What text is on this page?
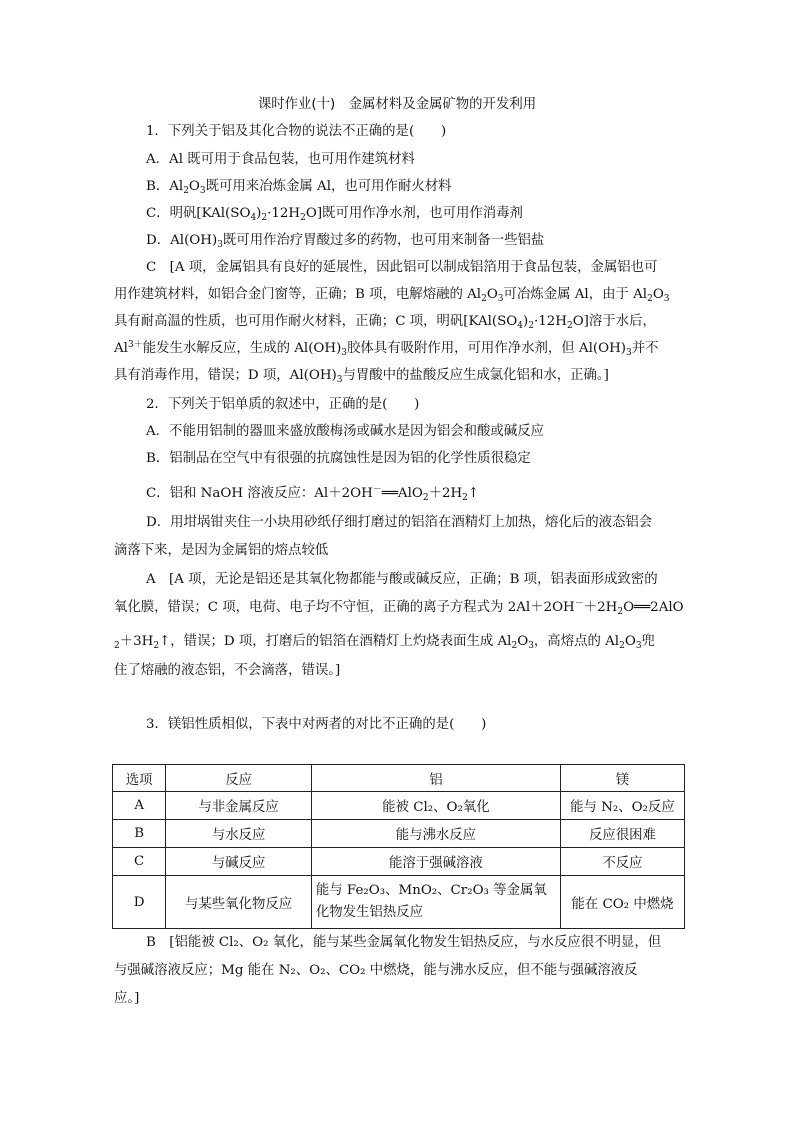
课时作业(十)　金属材料及金属矿物的开发利用
1．下列关于铝及其化合物的说法不正确的是(　　)
A．Al 既可用于食品包装，也可用作建筑材料
B．$Al_2O_3$既可用来冶炼金属 Al，也可用作耐火材料
C．明矾$[KAl(SO_4)_2\cdot 12H_2O]$既可用作净水剂，也可用作消毒剂
D．$Al(OH)_3$既可用作治疗胃酸过多的药物，也可用来制备一些铝盐
C　[A 项，金属铝具有良好的延展性，因此铝可以制成铝箔用于食品包装，金属铝也可
用作建筑材料，如铝合金门窗等，正确；B 项，电解熔融的 $Al_2O_3$可冶炼金属 Al，由于 $Al_2O_3$
具有耐高温的性质，也可用作耐火材料，正确；C 项，明矾$[KAl(SO_4)_2\cdot 12H_2O]$溶于水后，
$Al^{3+}$能发生水解反应，生成的 $Al(OH)_3$胶体具有吸附作用，可用作净水剂，但 $Al(OH)_3$并不
具有消毒作用，错误；D 项，$Al(OH)_3$与胃酸中的盐酸反应生成氯化铝和水，正确。]
2．下列关于铝单质的叙述中，正确的是(　　)
A．不能用铝制的器皿来盛放酸梅汤或碱水是因为铝会和酸或碱反应
B．铝制品在空气中有很强的抗腐蚀性是因为铝的化学性质很稳定
C．铝和 NaOH 溶液反应：$Al+2OH^-══AlO_2+2H_2↑$
D．用坩埚钳夹住一小块用砂纸仔细打磨过的铝箔在酒精灯上加热，熔化后的液态铝会
滴落下来，是因为金属铝的熔点较低
A　[A 项，无论是铝还是其氧化物都能与酸或碱反应，正确；B 项，铝表面形成致密的
氧化膜，错误；C 项，电荷、电子均不守恒，正确的离子方程式为 $2Al+2OH^-+2H_2O══2AlO$
$_2+3H_2↑$，错误；D 项，打磨后的铝箔在酒精灯上灼烧表面生成 $Al_2O_3$，高熔点的 $Al_2O_3$兜
住了熔融的液态铝，不会滴落，错误。]
3．镁铝性质相似，下表中对两者的对比不正确的是(　　)
选项	反应	铝	镁
A	与非金属反应	能被 Cl₂、O₂氧化	能与 N₂、O₂反应
B	与水反应	能与沸水反应	反应很困难
C	与碱反应	能溶于强碱溶液	不反应
D	与某些氧化物反应	能与 Fe₂O₃、MnO₂、Cr₂O₃ 等金属氧化物发生铝热反应	能在 CO₂ 中燃烧
B　[铝能被 Cl₂、O₂ 氧化，能与某些金属氧化物发生铝热反应，与水反应很不明显，但
与强碱溶液反应；Mg 能在 N₂、O₂、CO₂ 中燃烧，能与沸水反应，但不能与强碱溶液反
应。]
